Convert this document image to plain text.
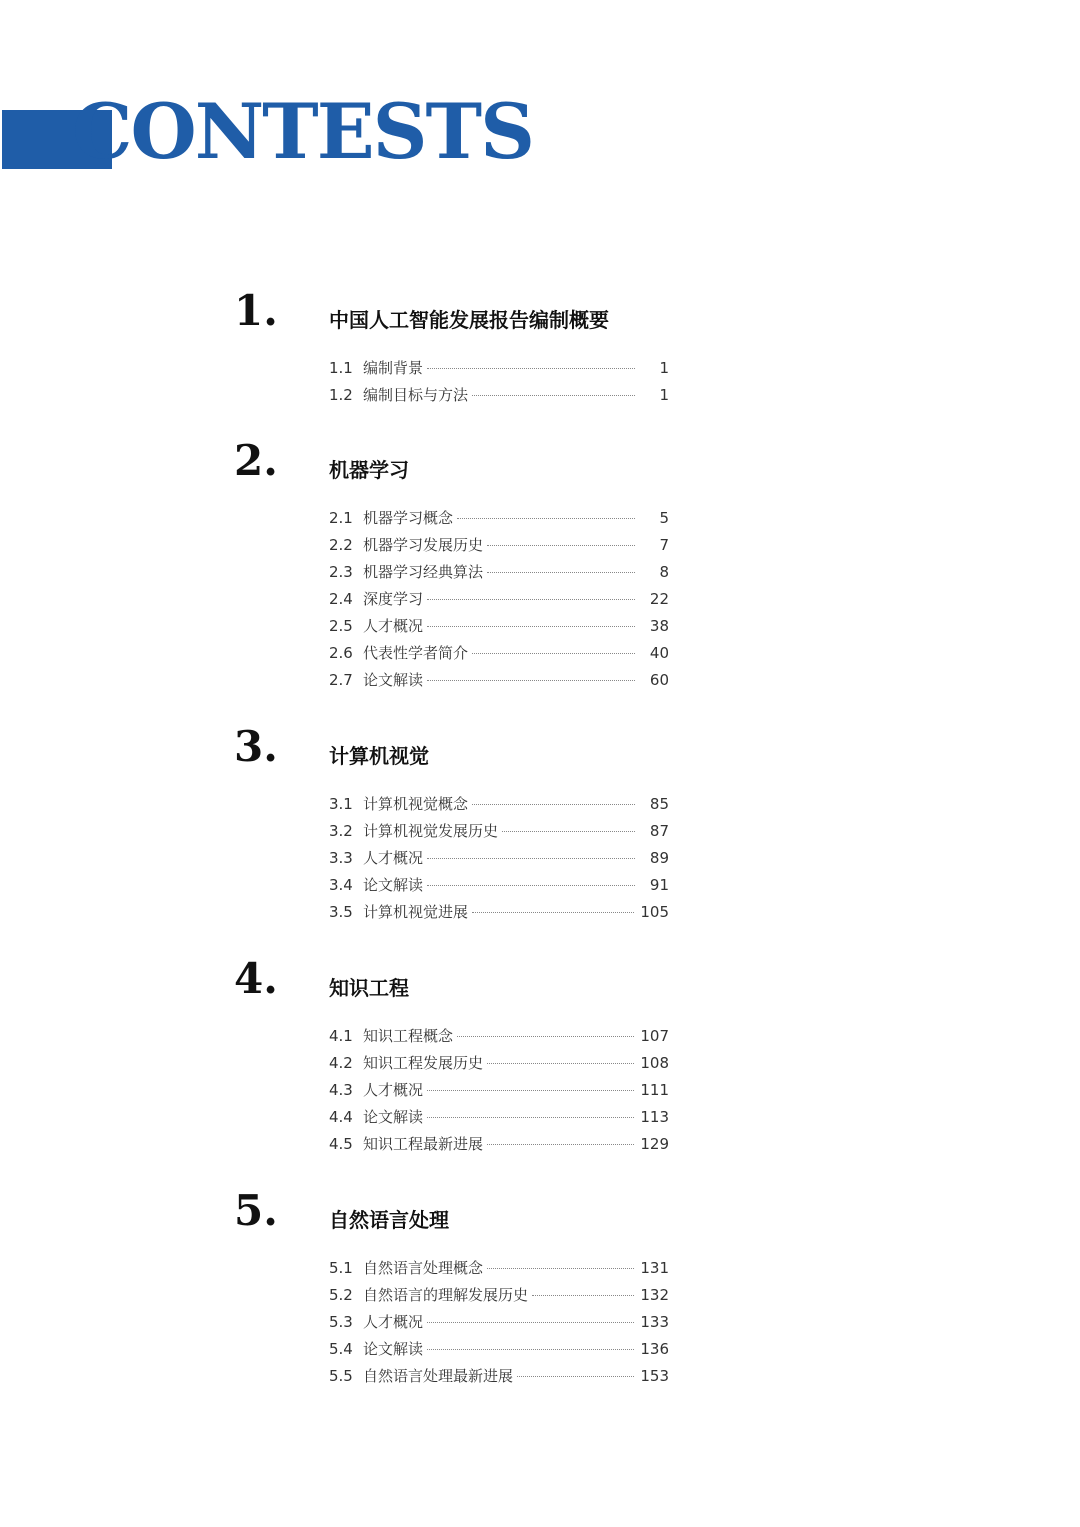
CONTESTS
1.	中国人工智能发展报告编制概要
1.1 编制背景	1
1.2 编制目标与方法	1
2.	机器学习
2.1 机器学习概念	5
2.2 机器学习发展历史	7
2.3 机器学习经典算法	8
2.4 深度学习	22
2.5 人才概况	38
2.6 代表性学者简介	40
2.7 论文解读	60
3.	计算机视觉
3.1 计算机视觉概念	85
3.2 计算机视觉发展历史	87
3.3 人才概况	89
3.4 论文解读	91
3.5 计算机视觉进展	105
4.	知识工程
4.1 知识工程概念	107
4.2 知识工程发展历史	108
4.3 人才概况	111
4.4 论文解读	113
4.5 知识工程最新进展	129
5.	自然语言处理
5.1 自然语言处理概念	131
5.2 自然语言的理解发展历史	132
5.3 人才概况	133
5.4 论文解读	136
5.5 自然语言处理最新进展	153
